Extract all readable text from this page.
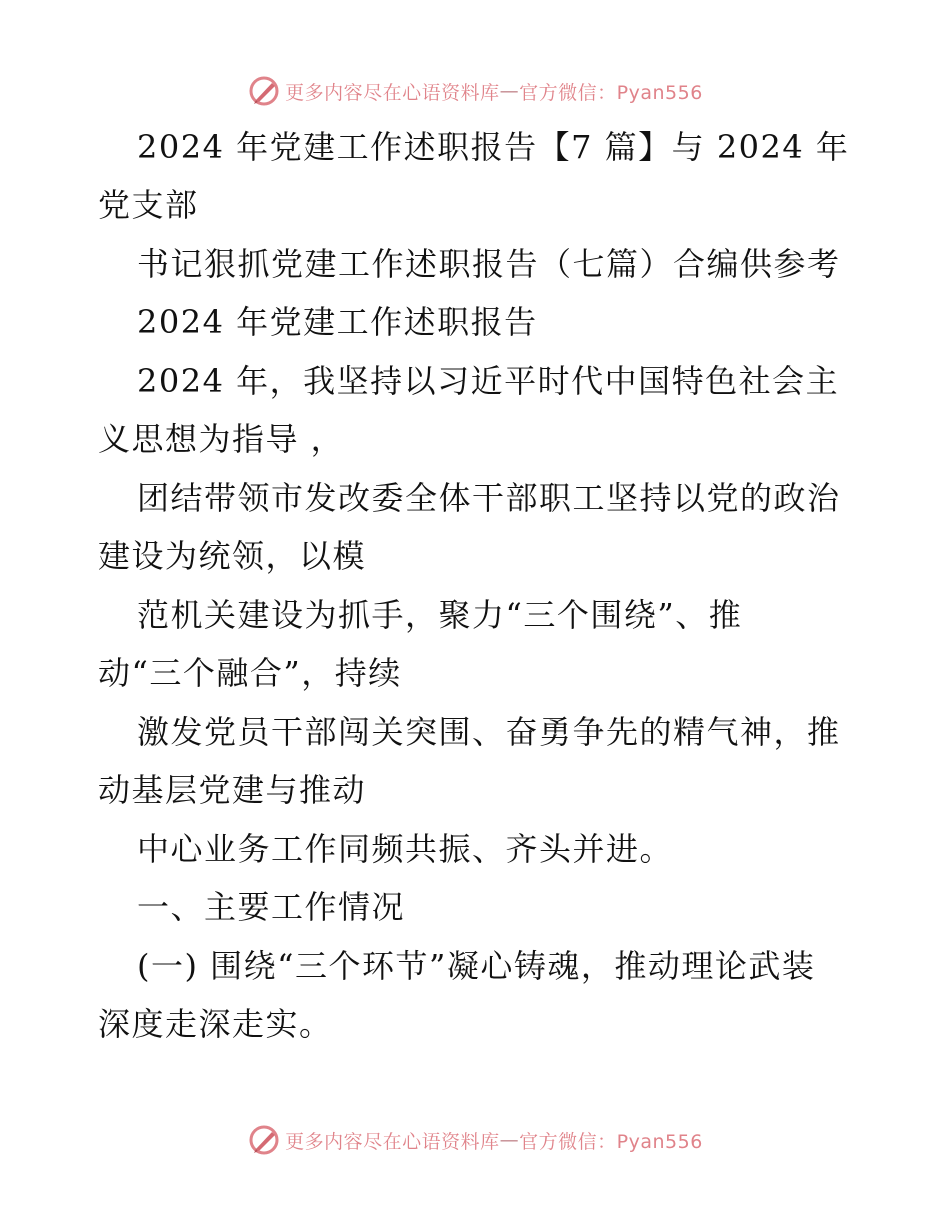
更多内容尽在心语资料库 — 官方微信：Pyan556
2024 年党建工作述职报告【7 篇】与 2024 年
党支部
书记狠抓党建工作述职报告（七篇）合编供参考
2024 年党建工作述职报告
2024 年，我坚持以习近平时代中国特色社会主
义思想为指导 ，
团结带领市发改委全体干部职工坚持以党的政治
建设为统领，以模
范机关建设为抓手，聚力“三个围绕”、推
动“三个融合”，持续
激发党员干部闯关突围、奋勇争先的精气神，推
动基层党建与推动
中心业务工作同频共振、齐头并进。
一、主要工作情况
(一) 围绕“三个环节”凝心铸魂，推动理论武装
深度走深走实。
更多内容尽在心语资料库 — 官方微信：Pyan556
